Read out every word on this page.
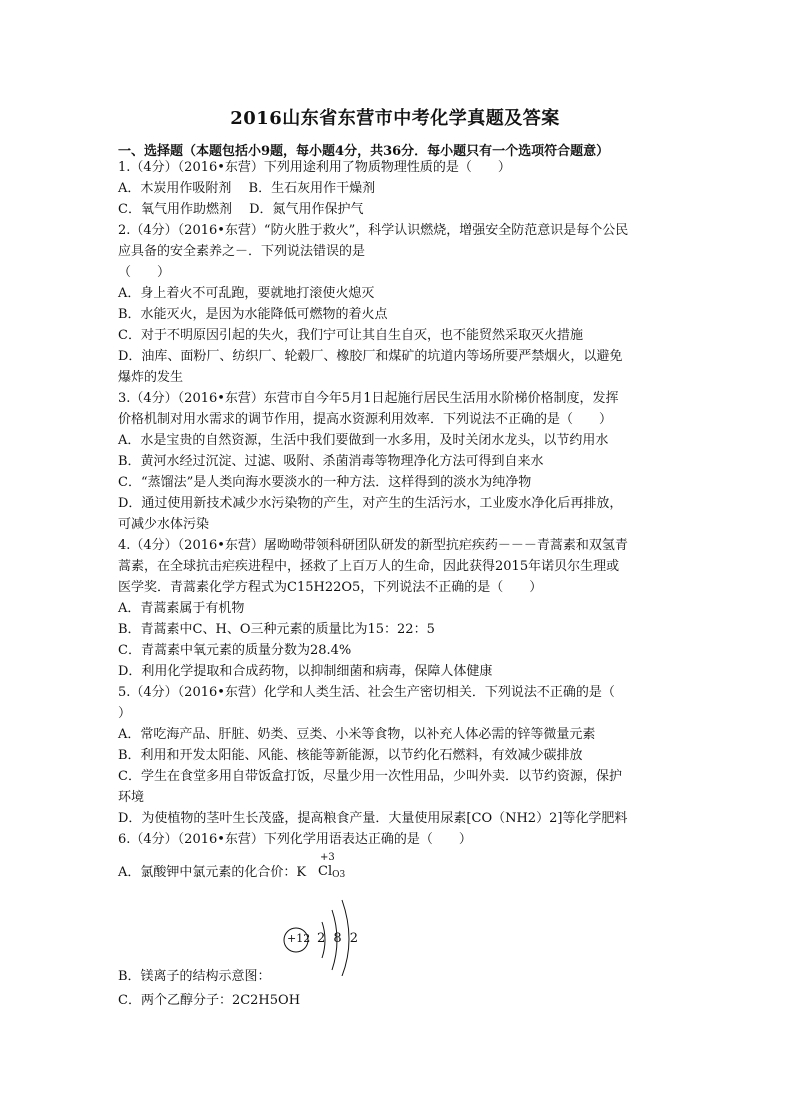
2016山东省东营市中考化学真题及答案
一、选择题（本题包括小9题，每小题4分，共36分．每小题只有一个选项符合题意）
1.（4分）（2016•东营）下列用途利用了物质物理性质的是（　　）
A．木炭用作吸附剂　 B．生石灰用作干燥剂
C．氧气用作助燃剂　 D．氮气用作保护气
2.（4分）（2016•东营）“防火胜于救火”，科学认识燃烧，增强安全防范意识是每个公民
应具备的安全素养之－．下列说法错误的是
（　　）
A．身上着火不可乱跑，要就地打滚使火熄灭
B．水能灭火，是因为水能降低可燃物的着火点
C．对于不明原因引起的失火，我们宁可让其自生自灭，也不能贸然采取灭火措施
D．油库、面粉厂、纺织厂、轮毂厂、橡胶厂和煤矿的坑道内等场所要严禁烟火，以避免
爆炸的发生
3.（4分）（2016•东营）东营市自今年5月1日起施行居民生活用水阶梯价格制度，发挥
价格机制对用水需求的调节作用，提高水资源利用效率．下列说法不正确的是（　　）
A．水是宝贵的自然资源，生活中我们要做到一水多用，及时关闭水龙头，以节约用水
B．黄河水经过沉淀、过滤、吸附、杀菌消毒等物理净化方法可得到自来水
C．“蒸馏法”是人类向海水要淡水的一种方法．这样得到的淡水为纯净物
D．通过使用新技术减少水污染物的产生，对产生的生活污水，工业废水净化后再排放，
可减少水体污染
4.（4分）（2016•东营）屠呦呦带领科研团队研发的新型抗疟疾药－－－青蒿素和双氢青
蒿素，在全球抗击疟疾进程中，拯救了上百万人的生命，因此获得2015年诺贝尔生理或
医学奖．青蒿素化学方程式为C15H22O5，下列说法不正确的是（　　）
A．青蒿素属于有机物
B．青蒿素中C、H、O三种元素的质量比为15：22：5
C．青蒿素中氧元素的质量分数为28.4%
D．利用化学提取和合成药物，以抑制细菌和病毒，保障人体健康
5.（4分）（2016•东营）化学和人类生活、社会生产密切相关．下列说法不正确的是（
）
A．常吃海产品、肝脏、奶类、豆类、小米等食物，以补充人体必需的锌等微量元素
B．利用和开发太阳能、风能、核能等新能源，以节约化石燃料，有效减少碳排放
C．学生在食堂多用自带饭盒打饭，尽量少用一次性用品，少叫外卖．以节约资源，保护
环境
D．为使植物的茎叶生长茂盛，提高粮食产量．大量使用尿素[CO（NH2）2]等化学肥料
6.（4分）（2016•东营）下列化学用语表达正确的是（　　）
A．氯酸钾中氯元素的化合价：K
+3
ClO3
+12 2 8 2
B．镁离子的结构示意图：
C．两个乙醇分子：2C2H5OH
